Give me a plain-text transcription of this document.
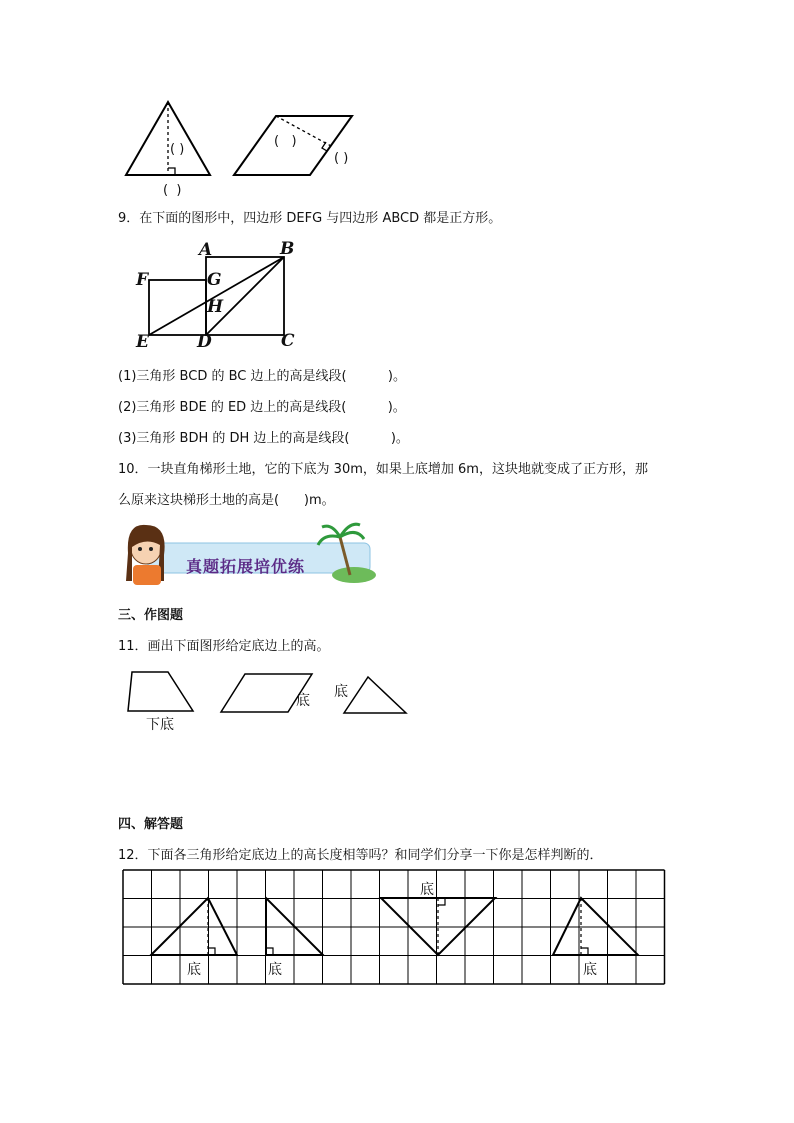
( )
(  )
(   )
( )
9．在下面的图形中，四边形 DEFG 与四边形 ABCD 都是正方形。
A	B
F	G
H
E	D	C
(1)三角形 BCD 的 BC 边上的高是线段(          )。
(2)三角形 BDE 的 ED 边上的高是线段(          )。
(3)三角形 BDH 的 DH 边上的高是线段(          )。
10．一块直角梯形土地，它的下底为 30m，如果上底增加 6m，这块地就变成了正方形，那
么原来这块梯形土地的高是(      )m。
真题拓展培优练
三、作图题
11．画出下面图形给定底边上的高。
下底
底
底
四、解答题
12．下面各三角形给定底边上的高长度相等吗？和同学们分享一下你是怎样判断的．
底	底
底
底
